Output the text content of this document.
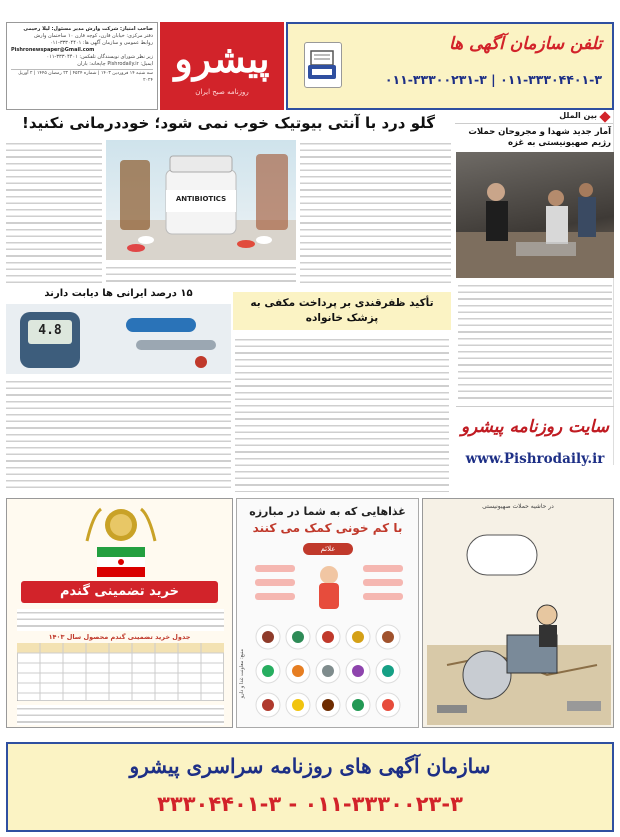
صاحب امتیاز: شرکت وارش مدیر مسئول: لیلا رحیمی
دفتر مرکزی: خیابان قارن، کوچه قارن ۱۰ ساختمان وارش
روابط عمومی و سازمان آگهی ها: ۳۳۳۰۴۴۰۱-۰۱۱
Pishronewspaper@Gmail.com
زیر نظر شورای نویسندگان تلفکس: ۳۳۳۰۴۴۰۱-۰۱۱
ایمیل: Pishrodaily.ir چاپخانه: باران
سه شنبه ۱۴ فروردین ۱۴۰۳ | شماره ۴۵۲۴ | ۲۲ رمضان ۱۴۴۵ | ۲ آوریل ۲۰۲۴ پیشرو
روزنامه صبح ایران
تلفن سازمان آگهی ها
۰۱۱-۳۳۳۰۴۴۰۱-۳ | ۰۱۱-۳۳۳۰۰۲۳۱-۳
گلو درد با آنتی بیوتیک خوب نمی شود؛ خوددرمانی نکنید!
ANTIBIOTICS
بین الملل
آمار جدید شهدا و مجروحان حملات رژیم صهیونیستی به غزه
سایت روزنامه پیشرو
www.Pishrodaily.ir
۱۵ درصد ایرانی ها دیابت دارند
4.8
تأکید ظفرقندی بر پرداخت مکفی به پزشک خانواده
در حاشیه حملات صهیونیستی
منبع: معاونت غذا و دارو
غذاهایی که به شما در مبارزه
با کم خونی کمک می کنند
علائم
خرید تضمینی گندم
جدول خرید تضمینی گندم محصول سال ۱۴۰۳
سازمان آگهی های روزنامه سراسری پیشرو
۰۱۱-۳۳۳۰۰۲۳-۳ - ۳۳۳۰۴۴۰۱-۳
